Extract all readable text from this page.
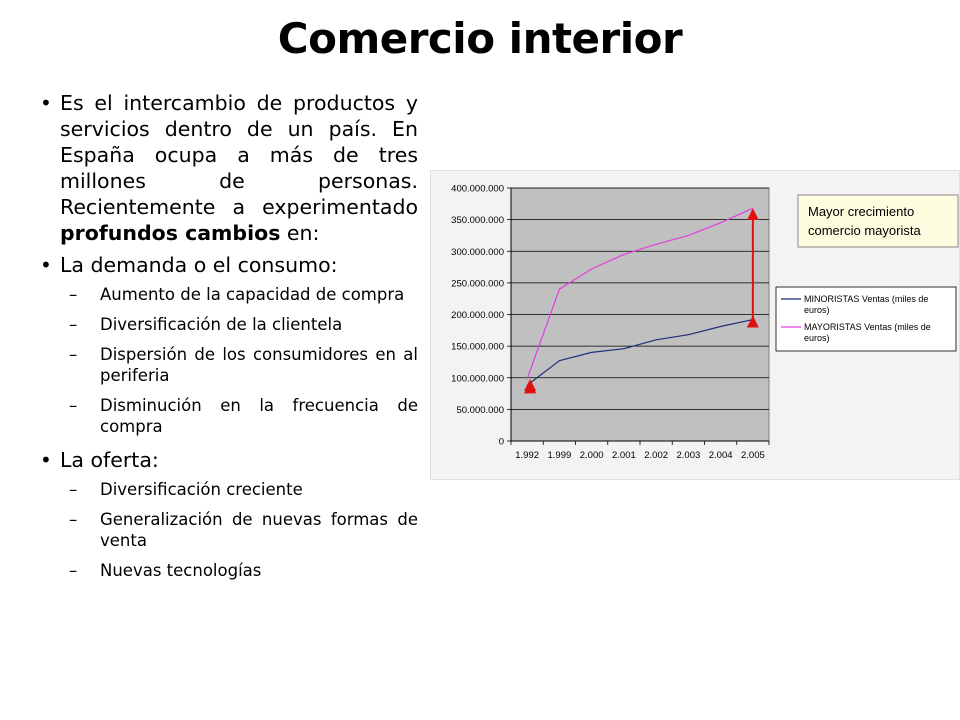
Comercio interior
• Es el intercambio de productos y servicios dentro de un país. En España ocupa a más de tres millones de personas. Recientemente a experimentado profundos cambios en:
• La demanda o el consumo:
– Aumento de la capacidad de compra
– Diversificación de la clientela
– Dispersión de los consumidores en al periferia
– Disminución en la frecuencia de compra
• La oferta:
– Diversificación creciente
– Generalización de nuevas formas de venta
– Nuevas tecnologías
0
50.000.000
100.000.000
150.000.000
200.000.000
250.000.000
300.000.000
350.000.000
400.000.000
1.992 1.999 2.000 2.001 2.002 2.003 2.004 2.005
Mayor crecimiento
comercio mayorista
MINORISTAS Ventas (miles de
euros)
MAYORISTAS Ventas (miles de
euros)
